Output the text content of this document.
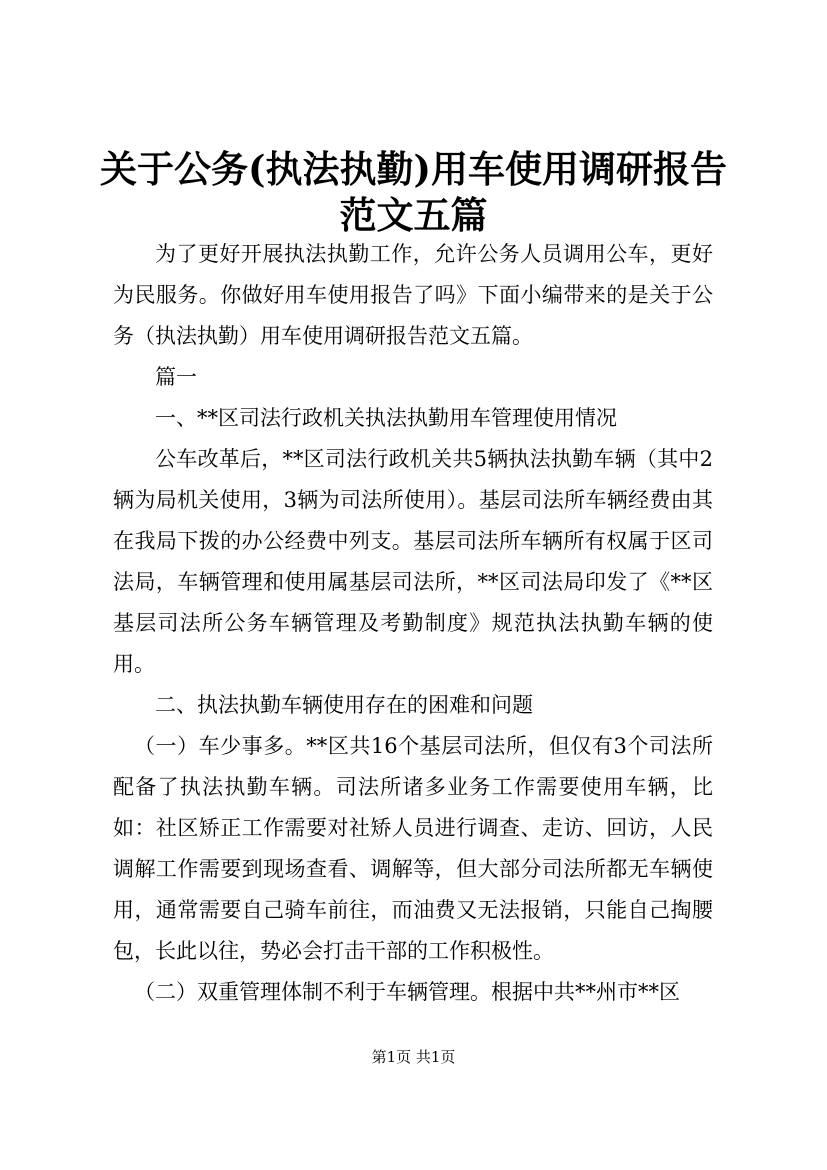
关于公务(执法执勤)用车使用调研报告范文五篇

为了更好开展执法执勤工作，允许公务人员调用公车，更好为民服务。你做好用车使用报告了吗》下面小编带来的是关于公务（执法执勤）用车使用调研报告范文五篇。

篇一

一、**区司法行政机关执法执勤用车管理使用情况

公车改革后，**区司法行政机关共5辆执法执勤车辆（其中2辆为局机关使用，3辆为司法所使用）。基层司法所车辆经费由其在我局下拨的办公经费中列支。基层司法所车辆所有权属于区司法局，车辆管理和使用属基层司法所，**区司法局印发了《**区基层司法所公务车辆管理及考勤制度》规范执法执勤车辆的使用。

二、执法执勤车辆使用存在的困难和问题

（一）车少事多。**区共16个基层司法所，但仅有3个司法所配备了执法执勤车辆。司法所诸多业务工作需要使用车辆，比如：社区矫正工作需要对社矫人员进行调查、走访、回访，人民调解工作需要到现场查看、调解等，但大部分司法所都无车辆使用，通常需要自己骑车前往，而油费又无法报销，只能自己掏腰包，长此以往，势必会打击干部的工作积极性。

（二）双重管理体制不利于车辆管理。根据中共**州市**区

第1页 共1页
